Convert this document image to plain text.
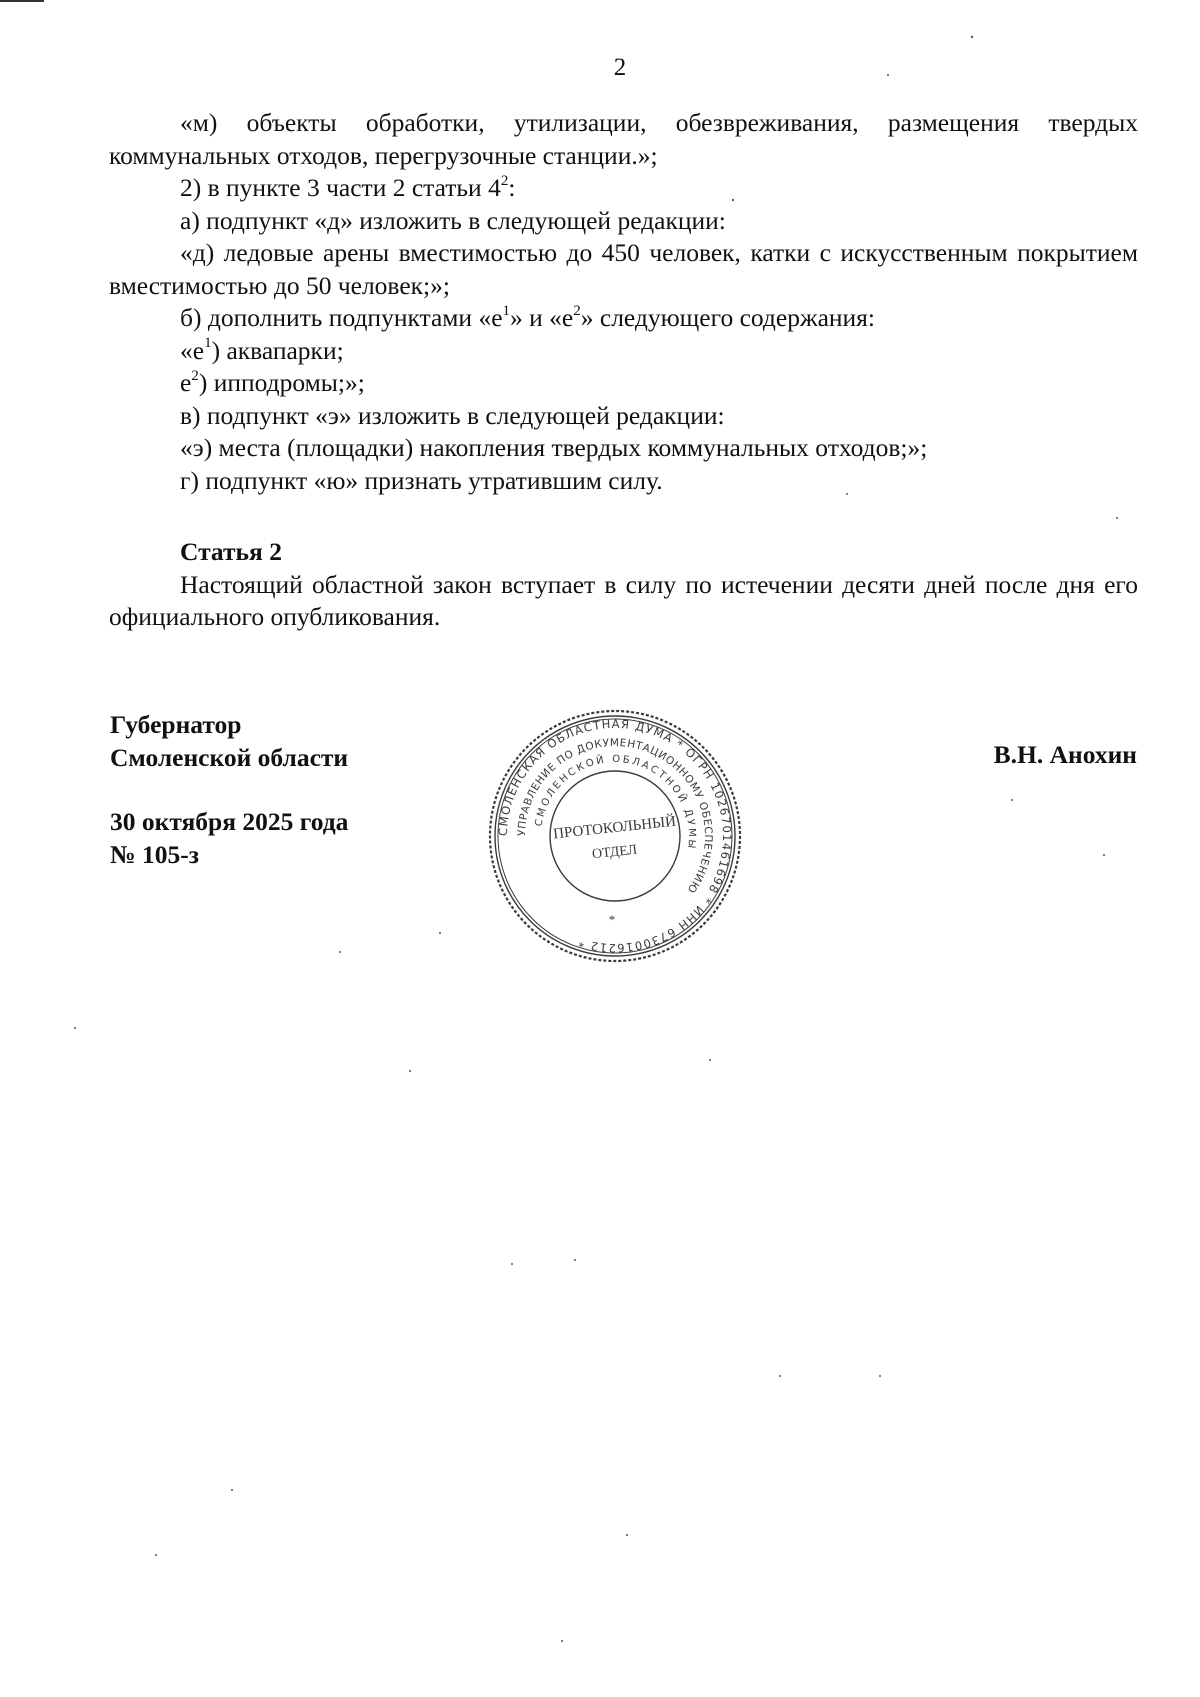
2

«м) объекты обработки, утилизации, обезвреживания, размещения твердых коммунальных отходов, перегрузочные станции.»;

2) в пункте 3 части 2 статьи $4^2$:

а) подпункт «д» изложить в следующей редакции:

«д) ледовые арены вместимостью до 450 человек, катки с искусственным покрытием вместимостью до 50 человек;»;

б) дополнить подпунктами «$е^1$» и «$е^2$» следующего содержания:

«$е^1$) аквапарки;

$е^2$) ипподромы;»;

в) подпункт «э» изложить в следующей редакции:

«э) места (площадки) накопления твердых коммунальных отходов;»;

г) подпункт «ю» признать утратившим силу.

Статья 2

Настоящий областной закон вступает в силу по истечении десяти дней после дня его официального опубликования.

Губернатор
Смоленской области
30 октября 2025 года
№ 105-з
В.Н. Анохин
СМОЛЕНСКАЯ ОБЛАСТНАЯ ДУМА * ОГРН 1026701461698 * ИНН 6730016212 *
УПРАВЛЕНИЕ ПО ДОКУМЕНТАЦИОННОМУ ОБЕСПЕЧЕНИЮ
СМОЛЕНСКОЙ ОБЛАСТНОЙ ДУМЫ
ПРОТОКОЛЬНЫЙ
ОТДЕЛ
*
